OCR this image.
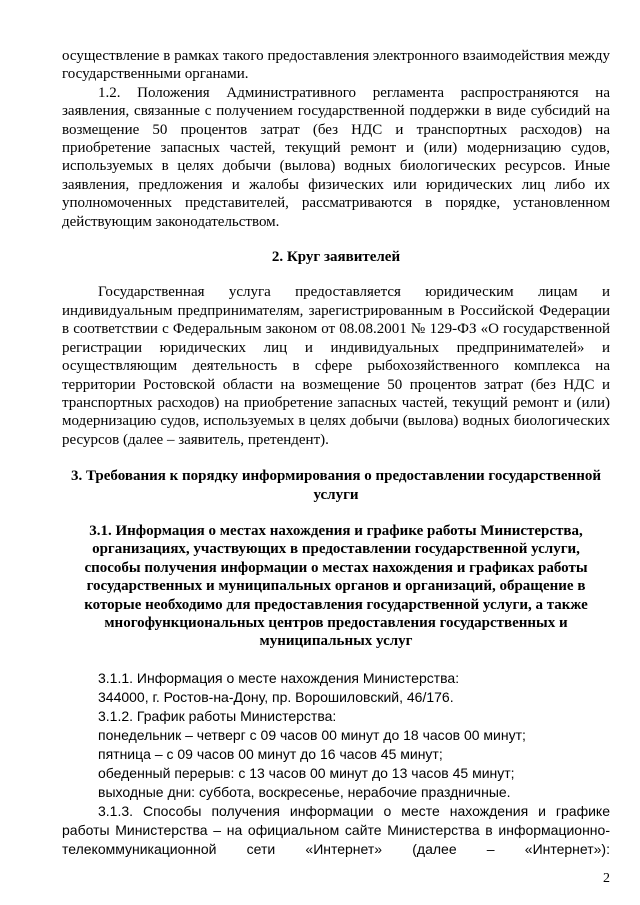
осуществление в рамках такого предоставления электронного взаимодействия между государственными органами.

1.2. Положения Административного регламента распространяются на заявления, связанные с получением государственной поддержки в виде субсидий на возмещение 50 процентов затрат (без НДС и транспортных расходов) на приобретение запасных частей, текущий ремонт и (или) модернизацию судов, используемых в целях добычи (вылова) водных биологических ресурсов. Иные заявления, предложения и жалобы физических или юридических лиц либо их уполномоченных представителей, рассматриваются в порядке, установленном действующим законодательством.

2. Круг заявителей

Государственная услуга предоставляется юридическим лицам и индивидуальным предпринимателям, зарегистрированным в Российской Федерации в соответствии с Федеральным законом от 08.08.2001 № 129-ФЗ «О государственной регистрации юридических лиц и индивидуальных предпринимателей» и осуществляющим деятельность в сфере рыбохозяйственного комплекса на территории Ростовской области на возмещение 50 процентов затрат (без НДС и транспортных расходов) на приобретение запасных частей, текущий ремонт и (или) модернизацию судов, используемых в целях добычи (вылова) водных биологических ресурсов (далее – заявитель, претендент).

3. Требования к порядку информирования о предоставлении государственной услуги

3.1. Информация о местах нахождения и графике работы Министерства, организациях, участвующих в предоставлении государственной услуги, способы получения информации о местах нахождения и графиках работы государственных и муниципальных органов и организаций, обращение в которые необходимо для предоставления государственной услуги, а также многофункциональных центров предоставления государственных и муниципальных услуг

3.1.1. Информация о месте нахождения Министерства:

344000, г. Ростов-на-Дону, пр. Ворошиловский, 46/176.

3.1.2. График работы Министерства:

понедельник – четверг с 09 часов 00 минут до 18 часов 00 минут;

пятница – с 09 часов 00 минут до 16 часов 45 минут;

обеденный перерыв: с 13 часов 00 минут до 13 часов 45 минут;

выходные дни: суббота, воскресенье, нерабочие праздничные.

3.1.3. Способы получения информации о месте нахождения и графике работы Министерства – на официальном сайте Министерства в информационно-телекоммуникационной сети «Интернет» (далее – «Интернет»):

2
